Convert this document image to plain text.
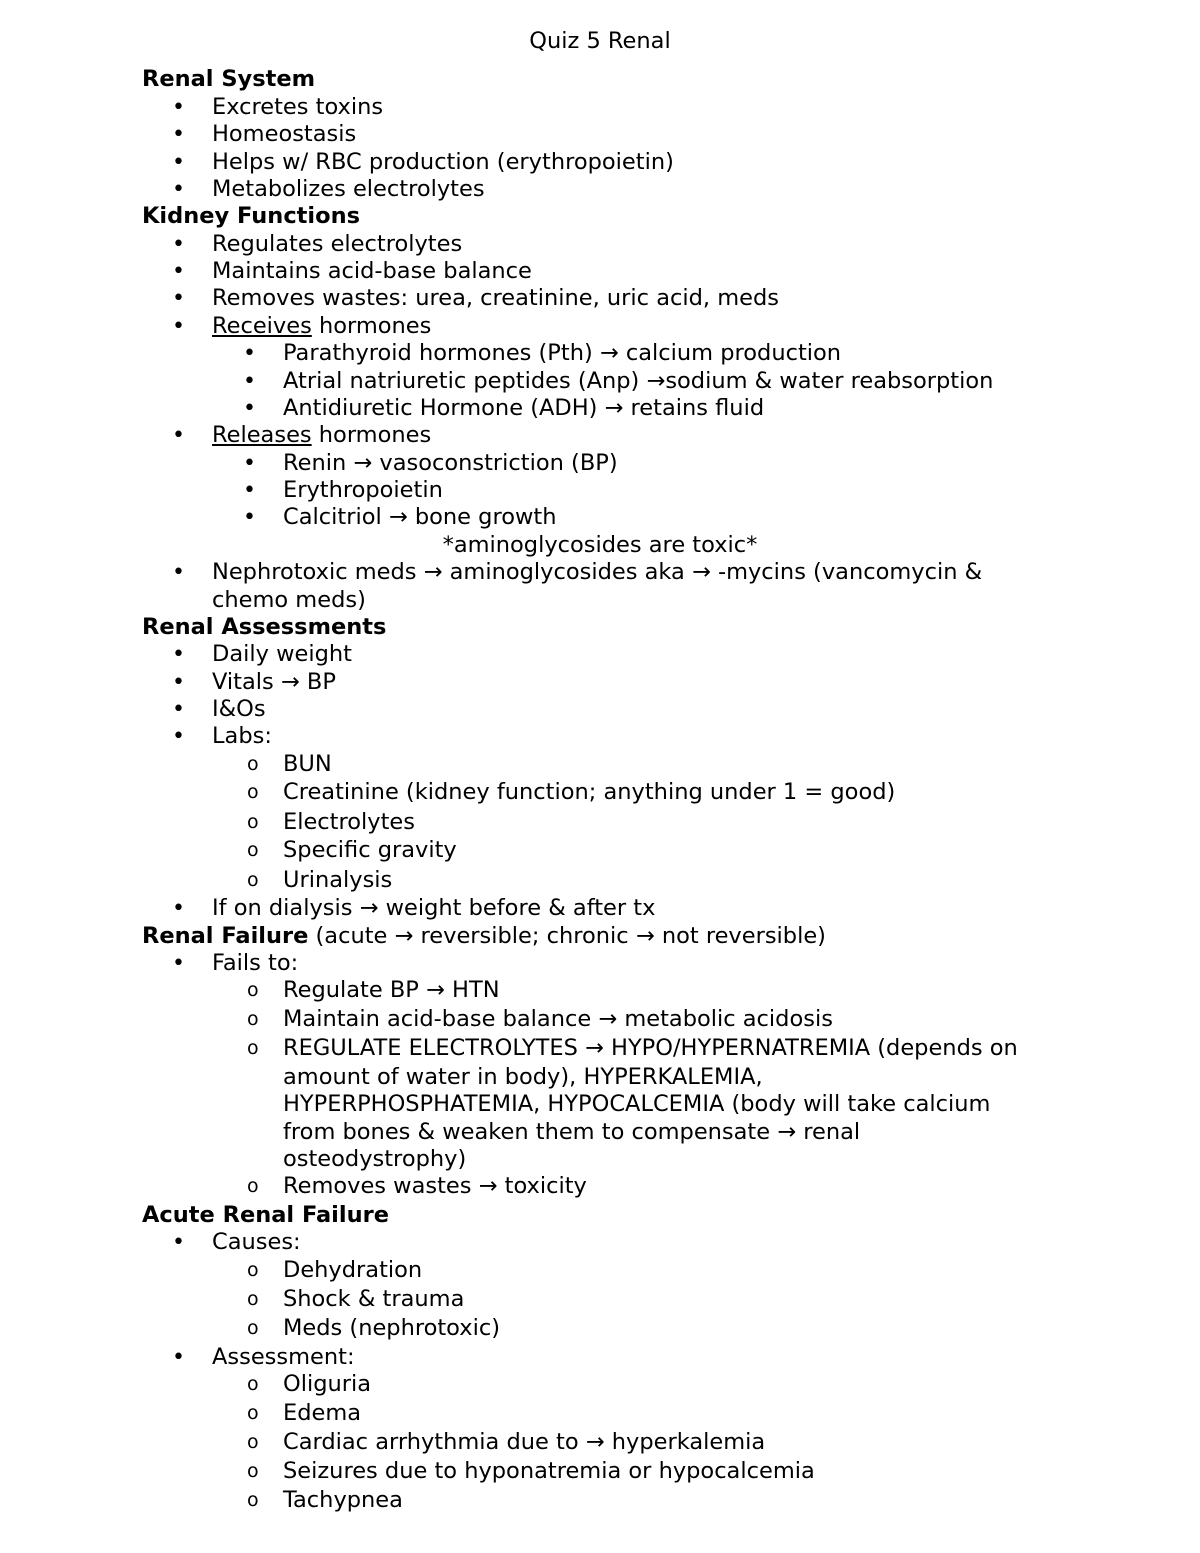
Quiz 5 Renal
Renal System
• Excretes toxins
• Homeostasis
• Helps w/ RBC production (erythropoietin)
• Metabolizes electrolytes
Kidney Functions
• Regulates electrolytes
• Maintains acid-base balance
• Removes wastes: urea, creatinine, uric acid, meds
• Receives hormones
• Parathyroid hormones (Pth) → calcium production
• Atrial natriuretic peptides (Anp) →sodium & water reabsorption
• Antidiuretic Hormone (ADH) → retains fluid
• Releases hormones
• Renin → vasoconstriction (BP)
• Erythropoietin
• Calcitriol → bone growth
*aminoglycosides are toxic*
• Nephrotoxic meds → aminoglycosides aka → -mycins (vancomycin &
chemo meds)
Renal Assessments
• Daily weight
• Vitals → BP
• I&Os
• Labs:
o BUN
o Creatinine (kidney function; anything under 1 = good)
o Electrolytes
o Specific gravity
o Urinalysis
• If on dialysis → weight before & after tx
Renal Failure (acute → reversible; chronic → not reversible)
• Fails to:
o Regulate BP → HTN
o Maintain acid-base balance → metabolic acidosis
o REGULATE ELECTROLYTES → HYPO/HYPERNATREMIA (depends on
amount of water in body), HYPERKALEMIA,
HYPERPHOSPHATEMIA, HYPOCALCEMIA (body will take calcium
from bones & weaken them to compensate → renal
osteodystrophy)
o Removes wastes → toxicity
Acute Renal Failure
• Causes:
o Dehydration
o Shock & trauma
o Meds (nephrotoxic)
• Assessment:
o Oliguria
o Edema
o Cardiac arrhythmia due to → hyperkalemia
o Seizures due to hyponatremia or hypocalcemia
o Tachypnea
